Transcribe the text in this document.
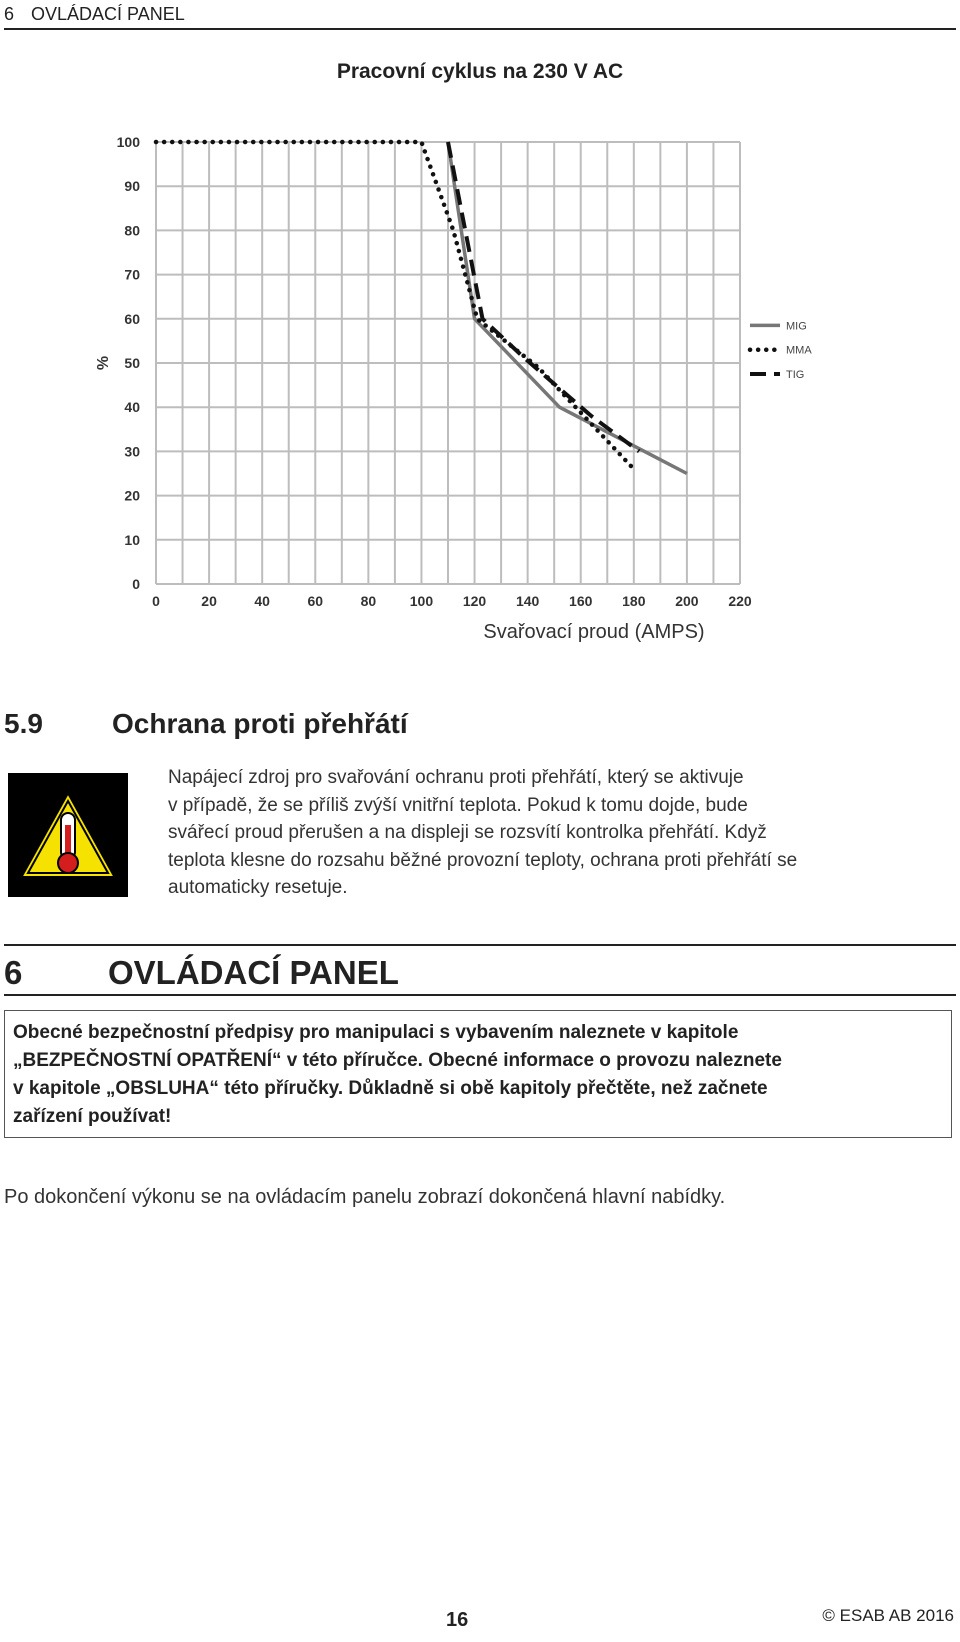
6 OVLÁDACÍ PANEL
Pracovní cyklus na 230 V AC
0	20	40	60	80 100 120 140 160 180 200 220
0
10
20
30
40
50
60
70
80
90
100
%
Svařovací proud (AMPS)
MIG
MMA
TIG
5.9 Ochrana proti přehřátí
Napájecí zdroj pro svařování ochranu proti přehřátí, který se aktivuje
v případě, že se příliš zvýší vnitřní teplota. Pokud k tomu dojde, bude
svářecí proud přerušen a na displeji se rozsvítí kontrolka přehřátí. Když
teplota klesne do rozsahu běžné provozní teploty, ochrana proti přehřátí se
automaticky resetuje.
6	OVLÁDACÍ PANEL
Obecné bezpečnostní předpisy pro manipulaci s vybavením naleznete v kapitole
„BEZPEČNOSTNÍ OPATŘENÍ“ v této příručce. Obecné informace o provozu naleznete
v kapitole „OBSLUHA“ této příručky. Důkladně si obě kapitoly přečtěte, než začnete
zařízení používat!
Po dokončení výkonu se na ovládacím panelu zobrazí dokončená hlavní nabídky.
16	© ESAB AB 2016
